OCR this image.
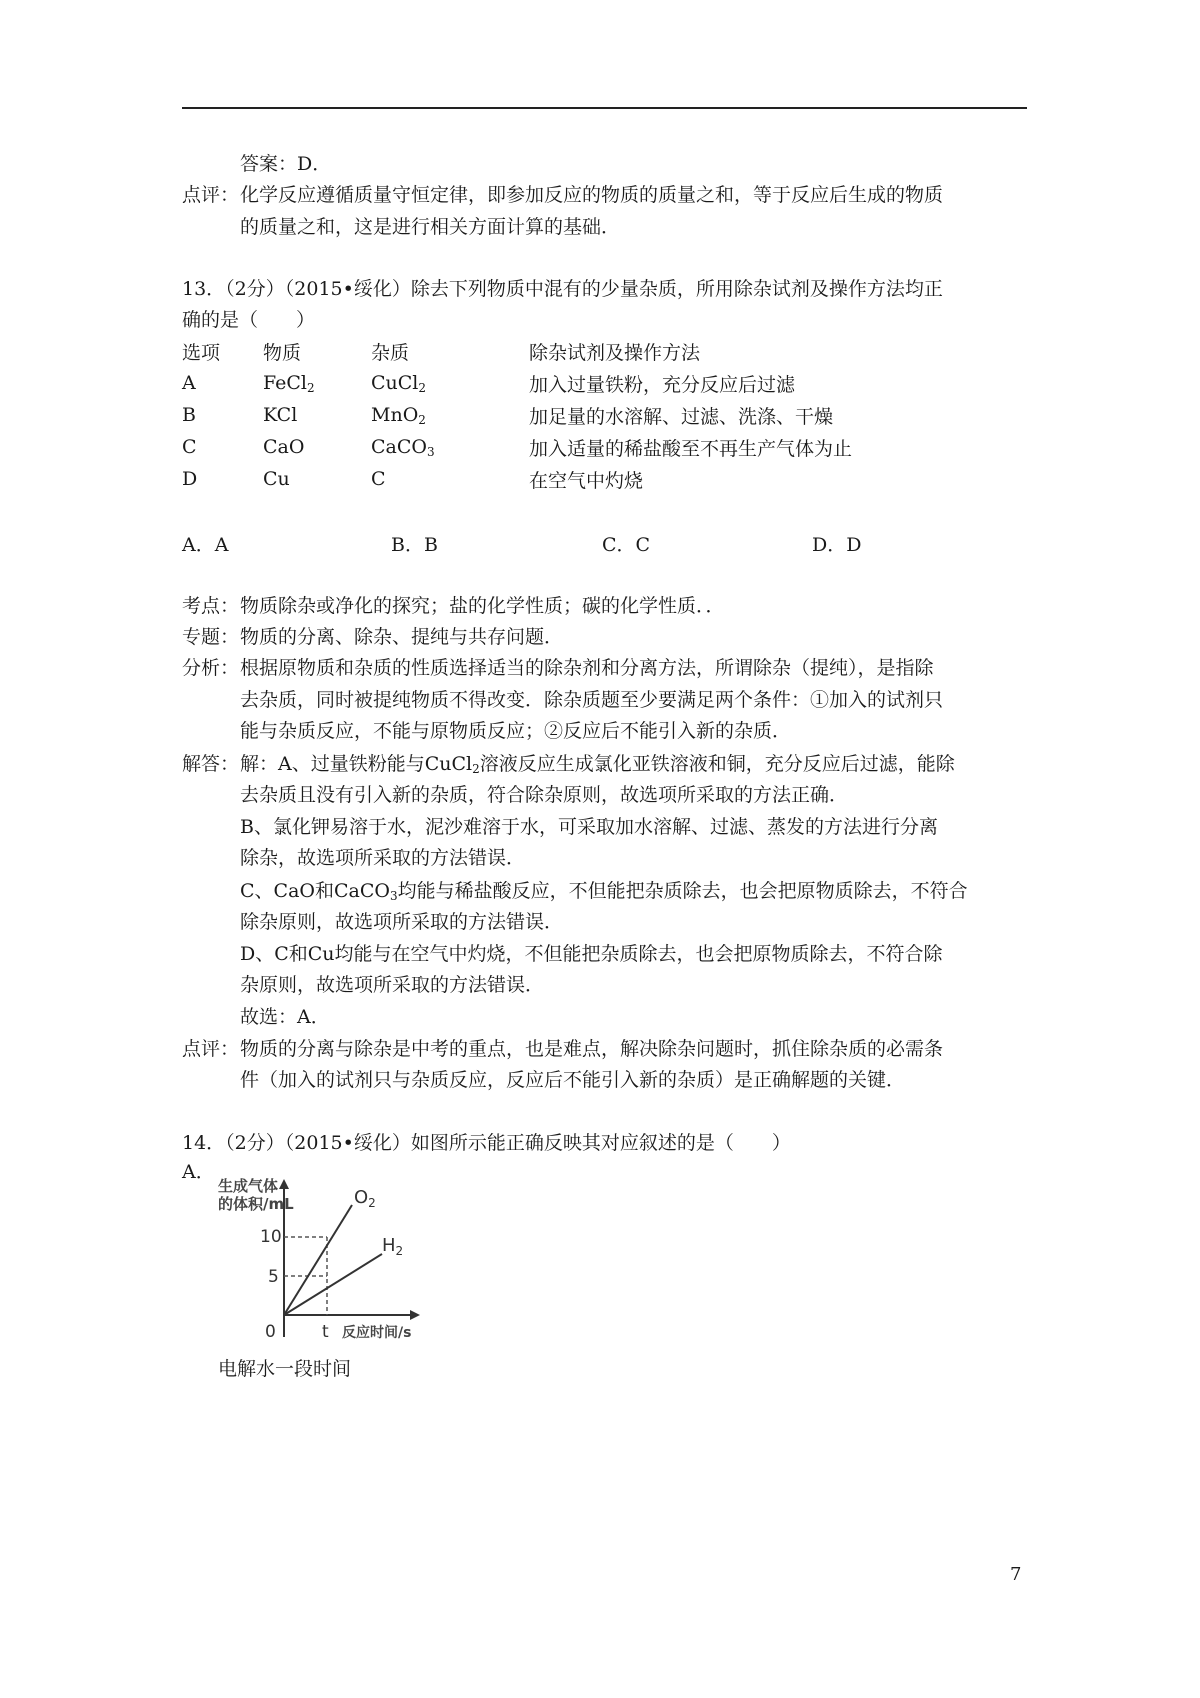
答案：D．
点评： 化学反应遵循质量守恒定律，即参加反应的物质的质量之和，等于反应后生成的物质
的质量之和，这是进行相关方面计算的基础．
13．（2分）（2015•绥化）除去下列物质中混有的少量杂质，所用除杂试剂及操作方法均正
确的是（　　）
选项	物质	杂质	除杂试剂及操作方法
A	FeCl$_2$	CuCl$_2$	加入过量铁粉，充分反应后过滤
B	KCl	MnO$_2$	加足量的水溶解、过滤、洗涤、干燥
C	CaO	CaCO$_3$	加入适量的稀盐酸至不再生产气体为止
D	Cu	C	在空气中灼烧
A．A	B．B	C．C	D．D
考点： 物质除杂或净化的探究；盐的化学性质；碳的化学性质．．
专题： 物质的分离、除杂、提纯与共存问题．
分析： 根据原物质和杂质的性质选择适当的除杂剂和分离方法，所谓除杂（提纯），是指除
去杂质，同时被提纯物质不得改变．除杂质题至少要满足两个条件：①加入的试剂只
能与杂质反应，不能与原物质反应；②反应后不能引入新的杂质．
解答： 解：A、过量铁粉能与CuCl$_2$溶液反应生成氯化亚铁溶液和铜，充分反应后过滤，能除
去杂质且没有引入新的杂质，符合除杂原则，故选项所采取的方法正确．
B、氯化钾易溶于水，泥沙难溶于水，可采取加水溶解、过滤、蒸发的方法进行分离
除杂，故选项所采取的方法错误．
C、CaO和CaCO$_3$均能与稀盐酸反应，不但能把杂质除去，也会把原物质除去，不符合
除杂原则，故选项所采取的方法错误．
D、C和Cu均能与在空气中灼烧，不但能把杂质除去，也会把原物质除去，不符合除
杂原则，故选项所采取的方法错误．
故选：A．
点评： 物质的分离与除杂是中考的重点，也是难点，解决除杂问题时，抓住除杂质的必需条
件（加入的试剂只与杂质反应，反应后不能引入新的杂质）是正确解题的关键．
14．（2分）（2015•绥化）如图所示能正确反映其对应叙述的是（　　）
A．
生成气体
的体积/mL
10
5
0	t 反应时间/s
$O_2$
$H_2$
电解水一段时间
7
